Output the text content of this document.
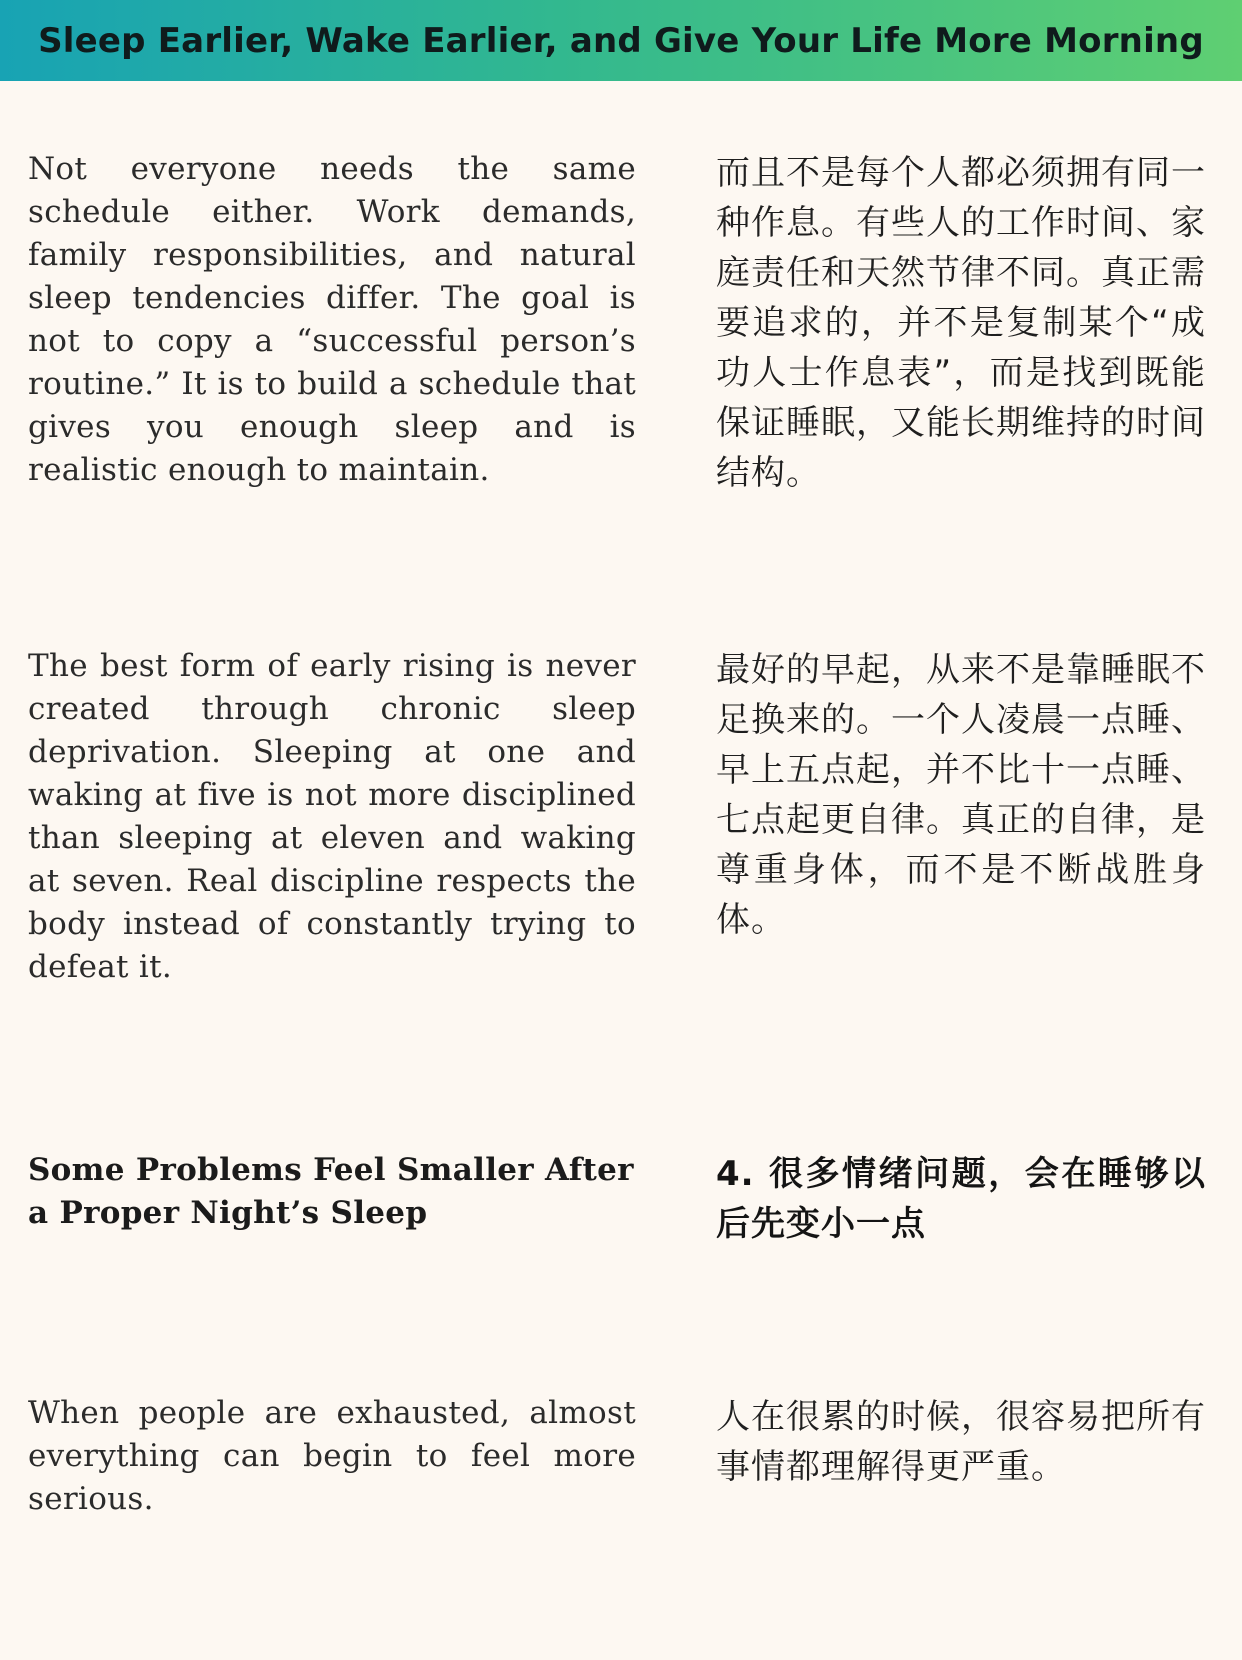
Sleep Earlier, Wake Earlier, and Give Your Life More Morning
Not everyone needs the same schedule either. Work demands, family responsibilities, and natural sleep tendencies differ. The goal is not to copy a “successful person’s routine.” It is to build a schedule that gives you enough sleep and is realistic enough to maintain.
而且不是每个人都必须拥有同一种作息。有些人的工作时间、家庭责任和天然节律不同。真正需要追求的，并不是复制某个“成功人士作息表”，而是找到既能保证睡眠，又能长期维持的时间结构。
The best form of early rising is never created through chronic sleep deprivation. Sleeping at one and waking at five is not more disciplined than sleeping at eleven and waking at seven. Real discipline respects the body instead of constantly trying to defeat it.
最好的早起，从来不是靠睡眠不足换来的。一个人凌晨一点睡、早上五点起，并不比十一点睡、七点起更自律。真正的自律，是尊重身体，而不是不断战胜身体。
Some Problems Feel Smaller After a Proper Night’s Sleep
4. 很多情绪问题，会在睡够以后先变小一点
When people are exhausted, almost everything can begin to feel more serious.
人在很累的时候，很容易把所有事情都理解得更严重。
